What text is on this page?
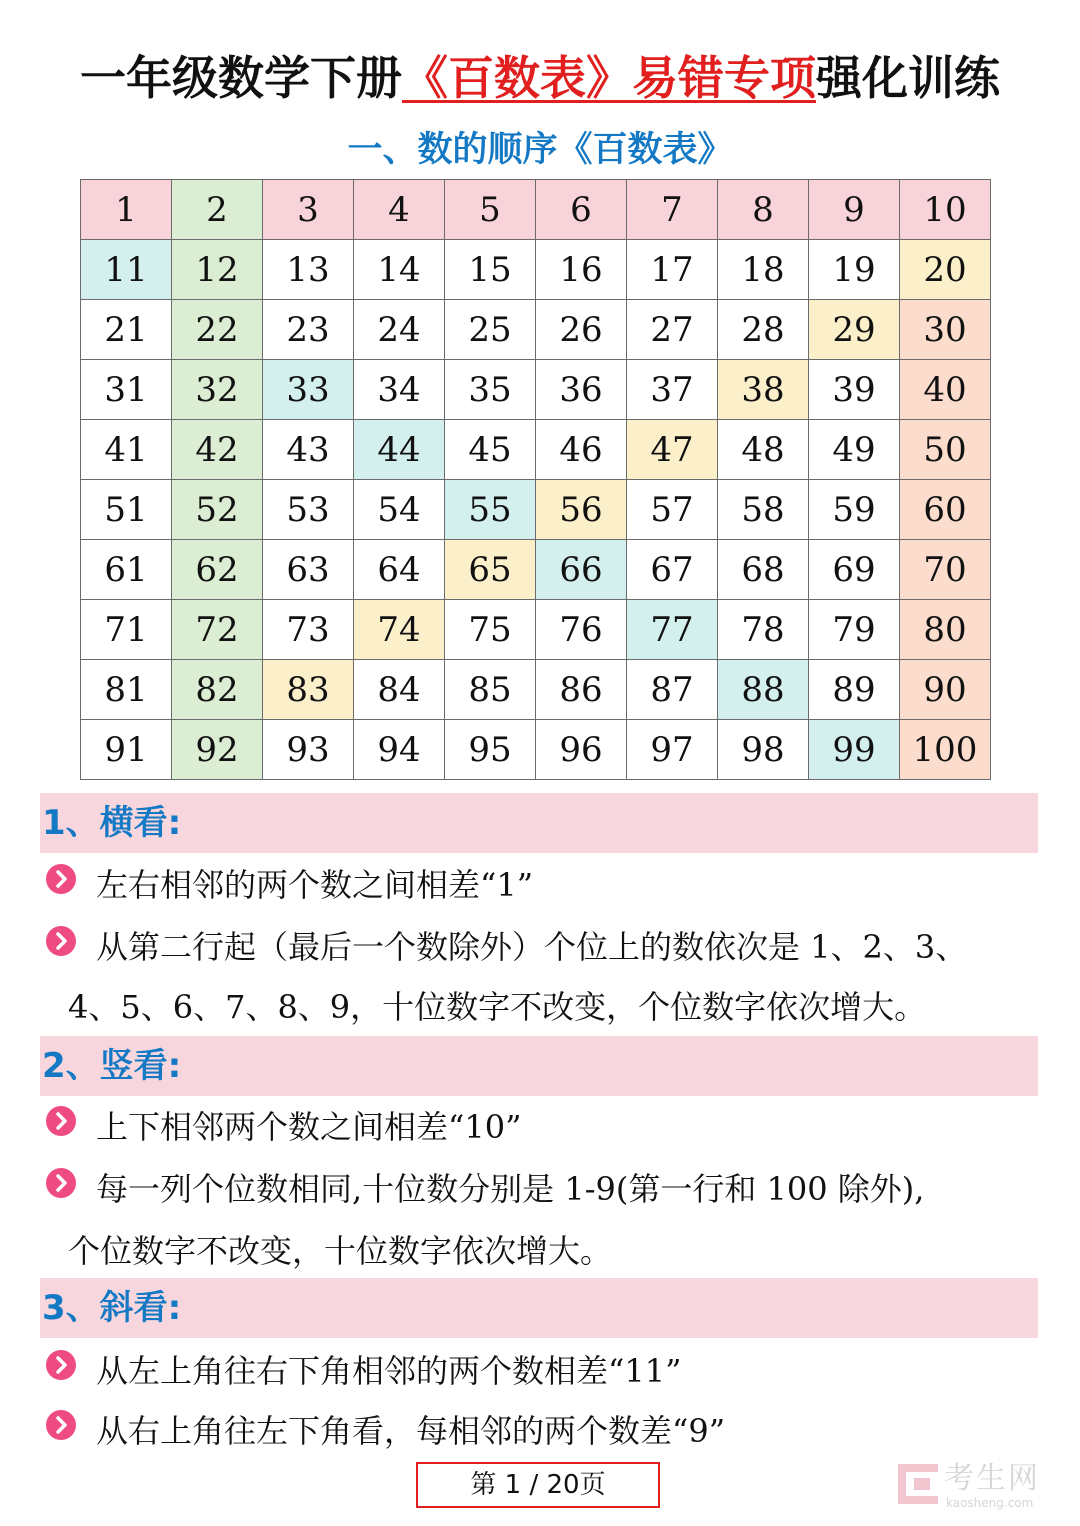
一年级数学下册《百数表》易错专项强化训练
一、数的顺序《百数表》
1	2	3	4	5	6	7	8	9	10
11	12	13	14	15	16	17	18	19	20
21	22	23	24	25	26	27	28	29	30
31	32	33	34	35	36	37	38	39	40
41	42	43	44	45	46	47	48	49	50
51	52	53	54	55	56	57	58	59	60
61	62	63	64	65	66	67	68	69	70
71	72	73	74	75	76	77	78	79	80
81	82	83	84	85	86	87	88	89	90
91	92	93	94	95	96	97	98	99	100
1、横看:
左右相邻的两个数之间相差“1”
从第二行起（最后一个数除外）个位上的数依次是 1、2、3、
4、5、6、7、8、9，十位数字不改变，个位数字依次增大。
2、竖看:
上下相邻两个数之间相差“10”
每一列个位数相同,十位数分别是 1-9(第一行和 100 除外),
个位数字不改变，十位数字依次增大。
3、斜看:
从左上角往右下角相邻的两个数相差“11”
从右上角往左下角看，每相邻的两个数差“9”
第 1 / 20页	考生网
kaosheng.com
